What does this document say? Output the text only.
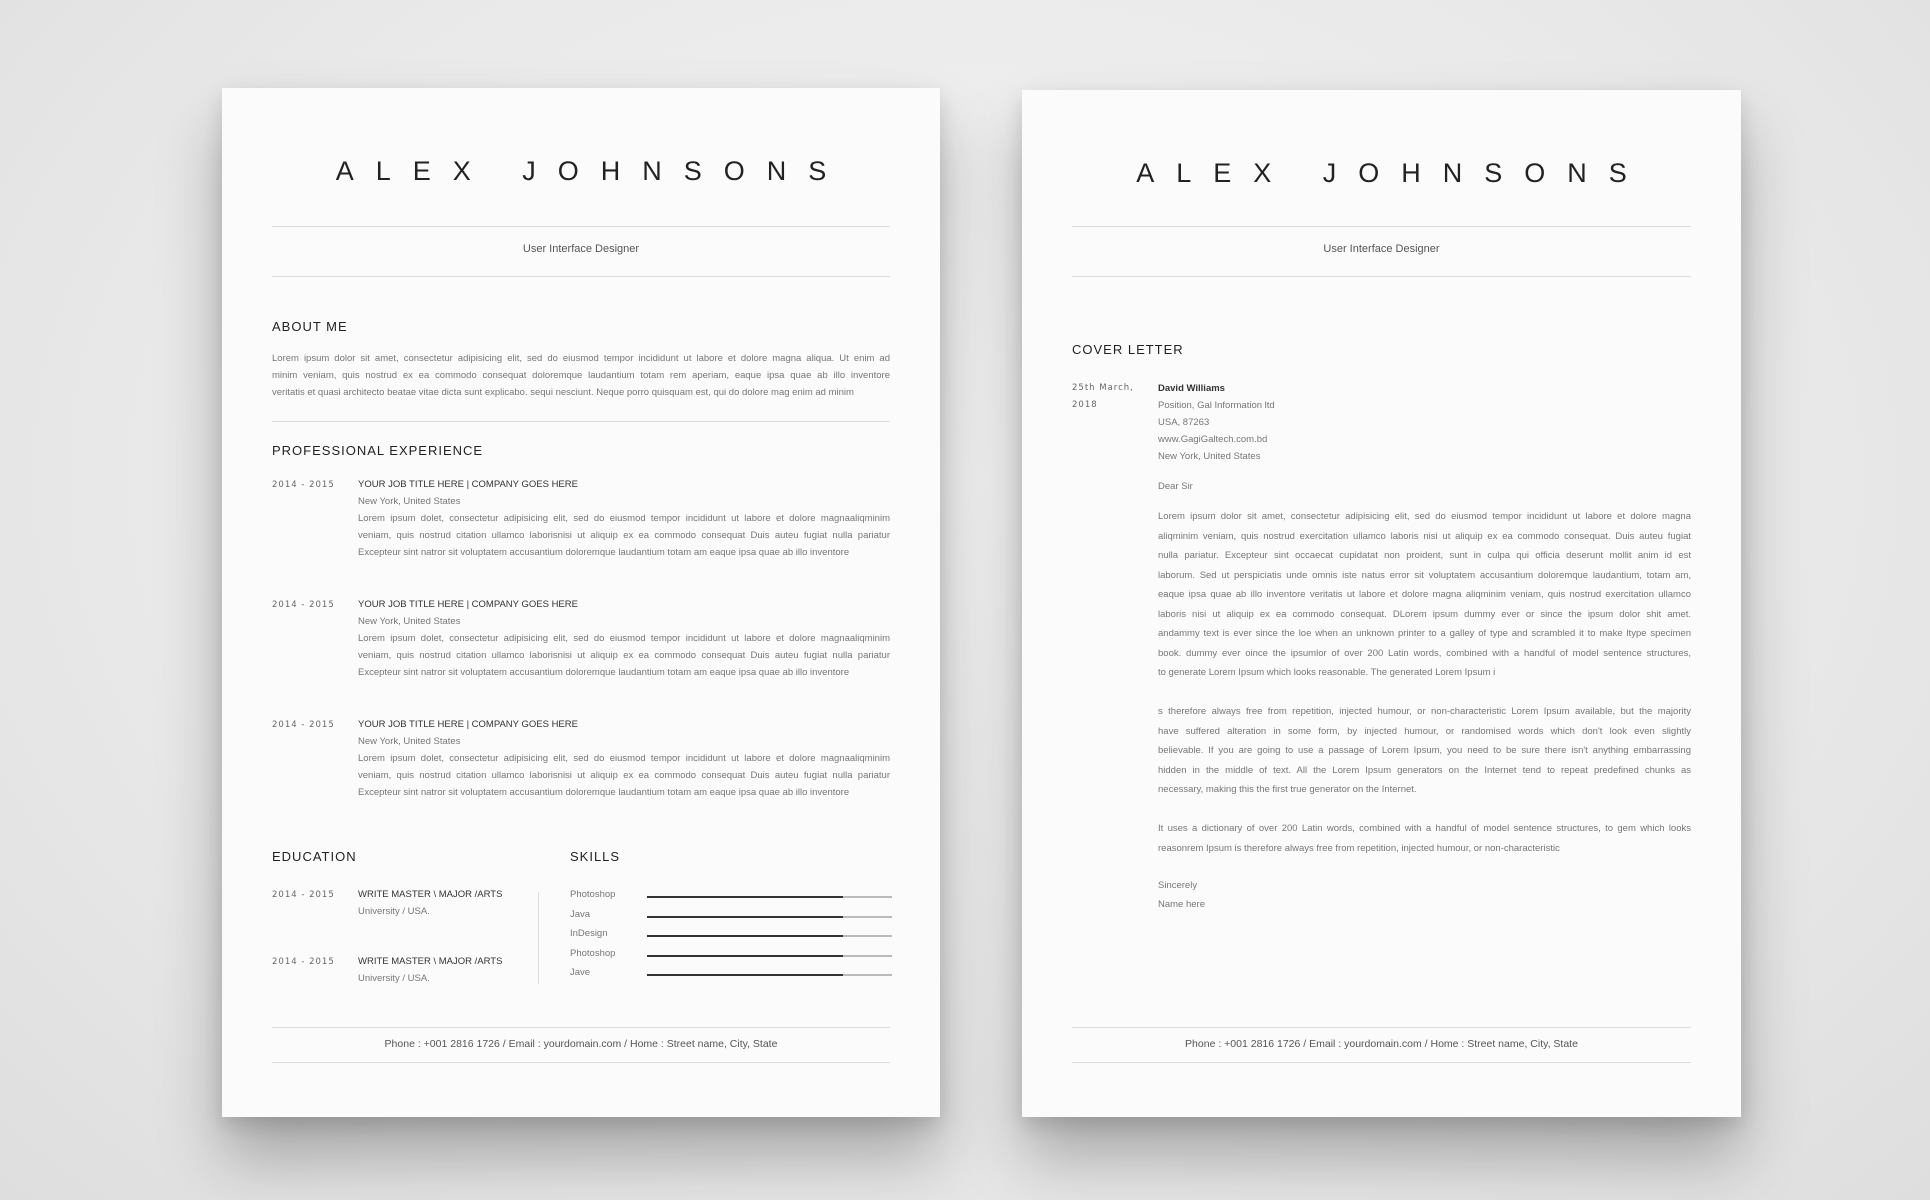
ALEX JOHNSONS
User Interface Designer
ABOUT ME
Lorem ipsum dolor sit amet, consectetur adipisicing elit, sed do eiusmod tempor incididunt ut labore et dolore magna aliqua. Ut enim ad
minim veniam, quis nostrud ex ea commodo consequat doloremque laudantium totam rem aperiam, eaque ipsa quae ab illo inventore
veritatis et quasi architecto beatae vitae dicta sunt explicabo. sequi nesciunt. Neque porro quisquam est, qui do dolore mag enim ad minim
PROFESSIONAL EXPERIENCE
2014 - 2015 YOUR JOB TITLE HERE | COMPANY GOES HERE
New York, United States
Lorem ipsum dolet, consectetur adipisicing elit, sed do eiusmod tempor incididunt ut labore et dolore magnaaliqminim
veniam, quis nostrud citation ullamco laborisnisi ut aliquip ex ea commodo consequat Duis auteu fugiat nulla pariatur
Excepteur sint natror sit voluptatem accusantium doloremque laudantium totam am eaque ipsa quae ab illo inventore
2014 - 2015 YOUR JOB TITLE HERE | COMPANY GOES HERE
New York, United States
Lorem ipsum dolet, consectetur adipisicing elit, sed do eiusmod tempor incididunt ut labore et dolore magnaaliqminim
veniam, quis nostrud citation ullamco laborisnisi ut aliquip ex ea commodo consequat Duis auteu fugiat nulla pariatur
Excepteur sint natror sit voluptatem accusantium doloremque laudantium totam am eaque ipsa quae ab illo inventore
2014 - 2015 YOUR JOB TITLE HERE | COMPANY GOES HERE
New York, United States
Lorem ipsum dolet, consectetur adipisicing elit, sed do eiusmod tempor incididunt ut labore et dolore magnaaliqminim
veniam, quis nostrud citation ullamco laborisnisi ut aliquip ex ea commodo consequat Duis auteu fugiat nulla pariatur
Excepteur sint natror sit voluptatem accusantium doloremque laudantium totam am eaque ipsa quae ab illo inventore
EDUCATION	SKILLS
2014 - 2015 WRITE MASTER \ MAJOR /ARTS
University / USA.
2014 - 2015 WRITE MASTER \ MAJOR /ARTS
University / USA.
Photoshop
Java
InDesign
Photoshop
Jave
Phone : +001 2816 1726 / Email : yourdomain.com / Home : Street name, City, State
ALEX JOHNSONS
User Interface Designer
COVER LETTER
25th March,
2018
David Williams
Position, Gal Information ltd
USA, 87263
www.GagiGaltech.com.bd
New York, United States
Dear Sir
Lorem ipsum dolor sit amet, consectetur adipisicing elit, sed do eiusmod tempor incididunt ut labore et dolore magna
aliqminim veniam, quis nostrud exercitation ullamco laboris nisi ut aliquip ex ea commodo consequat. Duis auteu fugiat
nulla pariatur. Excepteur sint occaecat cupidatat non proident, sunt in culpa qui officia deserunt mollit anim id est
laborum. Sed ut perspiciatis unde omnis iste natus error sit voluptatem accusantium doloremque laudantium, totam am,
eaque ipsa quae ab illo inventore veritatis ut labore et dolore magna aliqminim veniam, quis nostrud exercitation ullamco
laboris nisi ut aliquip ex ea commodo consequat. DLorem ipsum dummy ever or since the ipsum dolor shit amet.
andammy text is ever since the loe when an unknown printer to a galley of type and scrambled it to make ltype specimen
book. dummy ever oince the ipsumlor of over 200 Latin words, combined with a handful of model sentence structures,
to generate Lorem Ipsum which looks reasonable. The generated Lorem Ipsum i
s therefore always free from repetition, injected humour, or non-characteristic Lorem Ipsum available, but the majority
have suffered alteration in some form, by injected humour, or randomised words which don't look even slightly
believable. If you are going to use a passage of Lorem Ipsum, you need to be sure there isn't anything embarrassing
hidden in the middle of text. All the Lorem Ipsum generators on the Internet tend to repeat predefined chunks as
necessary, making this the first true generator on the Internet.
It uses a dictionary of over 200 Latin words, combined with a handful of model sentence structures, to gem which looks
reasonrem Ipsum is therefore always free from repetition, injected humour, or non-characteristic
Sincerely
Name here
Phone : +001 2816 1726 / Email : yourdomain.com / Home : Street name, City, State
